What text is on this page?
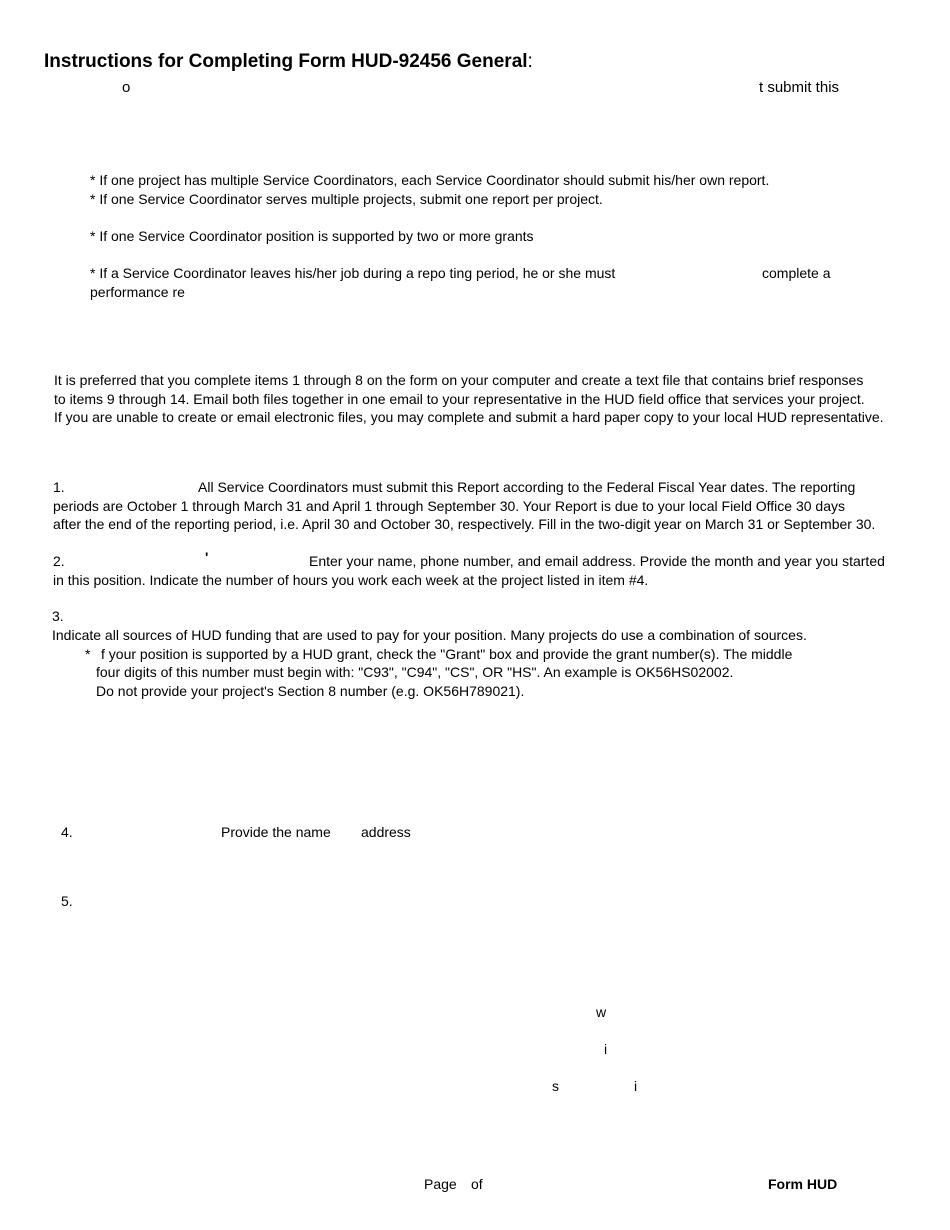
Instructions for Completing Form HUD-92456 General:
o	t submit this
* If one project has multiple Service Coordinators, each Service Coordinator should submit his/her own report.
* If one Service Coordinator serves multiple projects, submit one report per project.
* If one Service Coordinator position is supported by two or more grants
* If a Service Coordinator leaves his/her job during a repo ting period, he or she must	complete a
performance re
It is preferred that you complete items 1 through 8 on the form on your computer and create a text file that contains brief responses
to items 9 through 14. Email both files together in one email to your representative in the HUD field office that services your project.
If you are unable to create or email electronic files, you may complete and submit a hard paper copy to your local HUD representative.
1.	All Service Coordinators must submit this Report according to the Federal Fiscal Year dates. The reporting
periods are October 1 through March 31 and April 1 through September 30. Your Report is due to your local Field Office 30 days
after the end of the reporting period, i.e. April 30 and October 30, respectively. Fill in the two-digit year on March 31 or September 30.
2.	'	Enter your name, phone number, and email address. Provide the month and year you started
in this position. Indicate the number of hours you work each week at the project listed in item #4.
3.
Indicate all sources of HUD funding that are used to pay for your position. Many projects do use a combination of sources.
* f your position is supported by a HUD grant, check the "Grant" box and provide the grant number(s). The middle
four digits of this number must begin with: "C93", "C94", "CS", OR "HS". An example is OK56HS02002.
Do not provide your project's Section 8 number (e.g. OK56H789021).
4.	Provide the name address
5.
w
i
s	i
Page of	Form HUD
